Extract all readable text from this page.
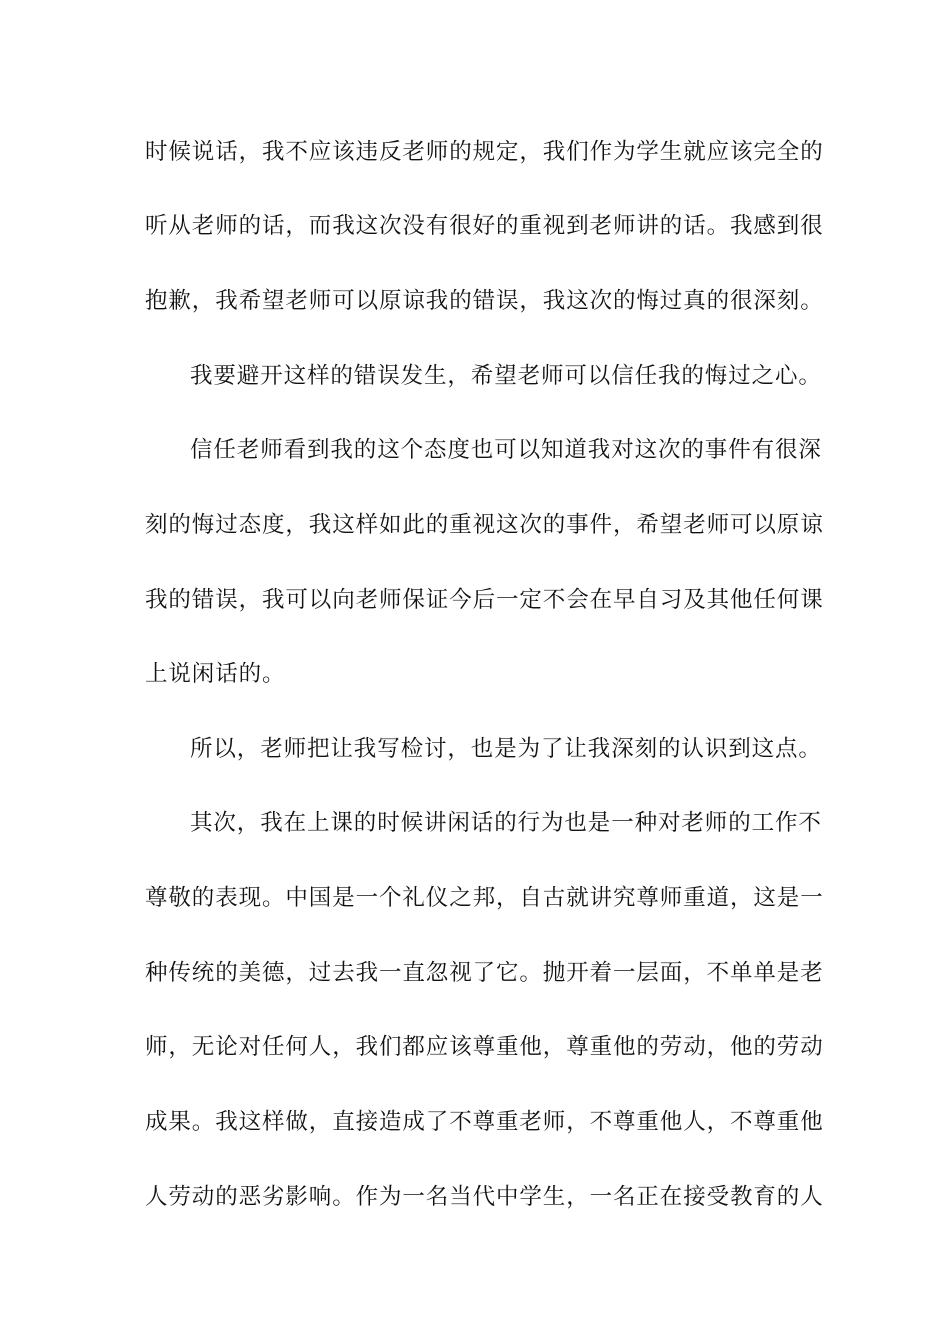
时候说话，我不应该违反老师的规定，我们作为学生就应该完全的
听从老师的话，而我这次没有很好的重视到老师讲的话。我感到很
抱歉，我希望老师可以原谅我的错误，我这次的悔过真的很深刻。
我要避开这样的错误发生，希望老师可以信任我的悔过之心。
信任老师看到我的这个态度也可以知道我对这次的事件有很深
刻的悔过态度，我这样如此的重视这次的事件，希望老师可以原谅
我的错误，我可以向老师保证今后一定不会在早自习及其他任何课
上说闲话的。
所以，老师把让我写检讨，也是为了让我深刻的认识到这点。
其次，我在上课的时候讲闲话的行为也是一种对老师的工作不
尊敬的表现。中国是一个礼仪之邦，自古就讲究尊师重道，这是一
种传统的美德，过去我一直忽视了它。抛开着一层面，不单单是老
师，无论对任何人，我们都应该尊重他，尊重他的劳动，他的劳动
成果。我这样做，直接造成了不尊重老师，不尊重他人，不尊重他
人劳动的恶劣影响。作为一名当代中学生，一名正在接受教育的人
